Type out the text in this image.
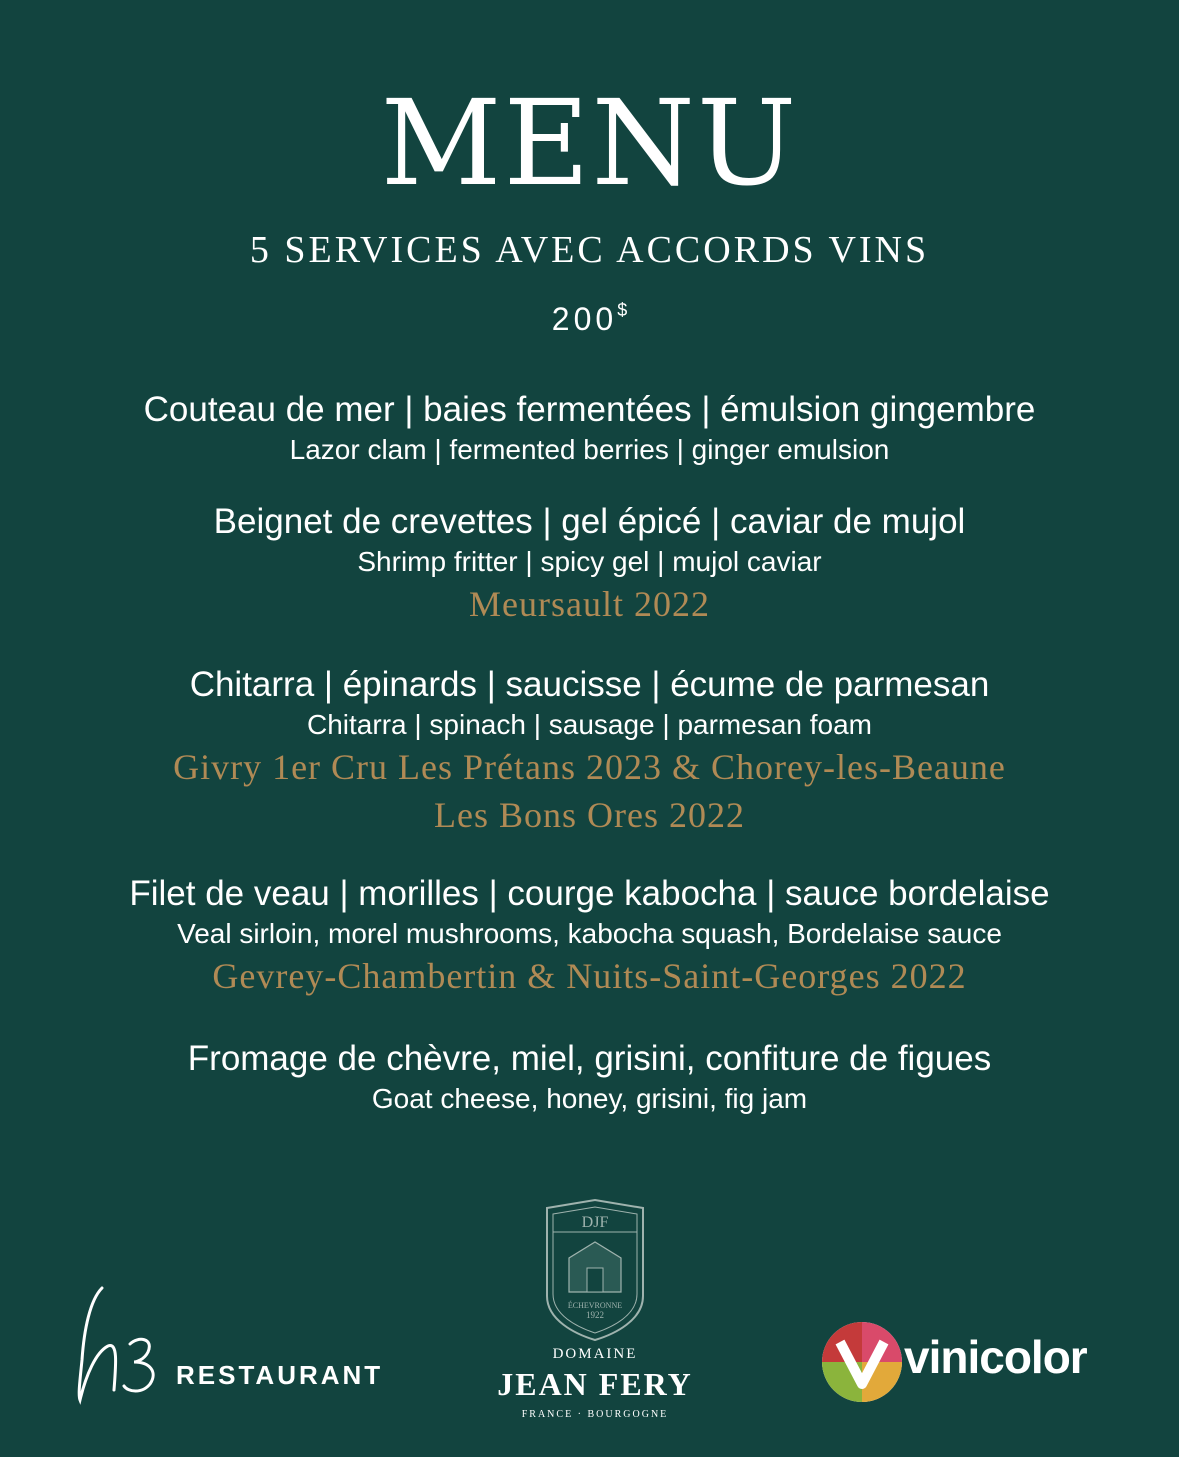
MENU
5 SERVICES AVEC ACCORDS VINS
200$
Couteau de mer | baies fermentées | émulsion gingembre
Lazor clam | fermented berries | ginger emulsion
Beignet de crevettes | gel épicé | caviar de mujol
Shrimp fritter | spicy gel | mujol caviar
Meursault 2022
Chitarra | épinards | saucisse | écume de parmesan
Chitarra | spinach | sausage | parmesan foam
Givry 1er Cru Les Prétans 2023 & Chorey-les-Beaune
Les Bons Ores 2022
Filet de veau | morilles | courge kabocha | sauce bordelaise
Veal sirloin, morel mushrooms, kabocha squash, Bordelaise sauce
Gevrey-Chambertin & Nuits-Saint-Georges 2022
Fromage de chèvre, miel, grisini, confiture de figues
Goat cheese, honey, grisini, fig jam
RESTAURANT
DJF
ÉCHEVRONNE
1922
DOMAINE
JEAN FERY
FRANCE · BOURGOGNE
vinicolor
